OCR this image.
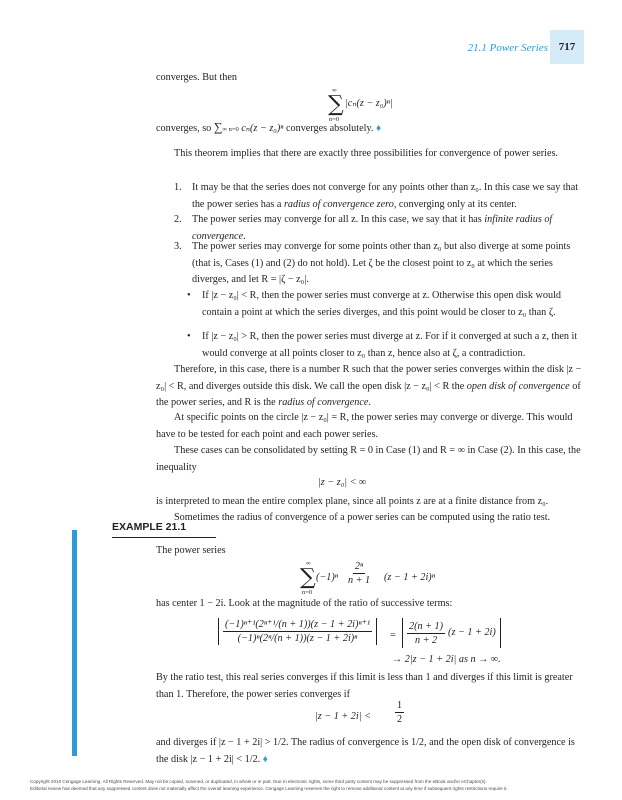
21.1 Power Series 717
converges. But then
∞
∑
n=0
|cₙ(z − z₀)ⁿ|
converges, so ∑∞ n=0 cₙ(z − z₀)ⁿ converges absolutely. ♦
This theorem implies that there are exactly three possibilities for convergence of power series.
1. It may be that the series does not converge for any points other than z₀. In this case we say that the power series has a radius of convergence zero, converging only at its center.
2. The power series may converge for all z. In this case, we say that it has infinite radius of convergence.
3. The power series may converge for some points other than z₀ but also diverge at some points (that is, Cases (1) and (2) do not hold). Let ζ be the closest point to z₀ at which the series diverges, and let R = |ζ − z₀|.
• If |z − z₀| < R, then the power series must converge at z. Otherwise this open disk would contain a point at which the series diverges, and this point would be closer to z₀ than ζ.
• If |z − z₀| > R, then the power series must diverge at z. For if it converged at such a z, then it would converge at all points closer to z₀ than z, hence also at ζ, a contradiction.
Therefore, in this case, there is a number R such that the power series converges within the disk |z − z₀| < R, and diverges outside this disk. We call the open disk |z − z₀| < R the open disk of convergence of the power series, and R is the radius of convergence.
At specific points on the circle |z − z₀| = R, the power series may converge or diverge. This would have to be tested for each point and each power series.
These cases can be consolidated by setting R = 0 in Case (1) and R = ∞ in Case (2). In this case, the inequality
|z − z₀| < ∞
is interpreted to mean the entire complex plane, since all points z are at a finite distance from z₀.
Sometimes the radius of convergence of a power series can be computed using the ratio test.
EXAMPLE 21.1
The power series
∞
∑
n=0
$(-1)^n \frac{\text{2ⁿ}}{n + 1} (z - 1 + 2i)^n$
has center 1 − 2i. Look at the magnitude of the ratio of successive terms:
$\frac{\text{(−1)ⁿ⁺¹(2ⁿ⁺¹/(n + 1))(z − 1 + 2i)ⁿ⁺¹}}{\text{(−1)ⁿ(2ⁿ/(n + 1))(z − 1 + 2i)ⁿ}} = \frac{2(n + 1)}{n + 2} (z - 1 + 2i)$
→ 2|z − 1 + 2i| as n → ∞.
By the ratio test, this real series converges if this limit is less than 1 and diverges if this limit is greater than 1. Therefore, the power series converges if
$|z - 1 + 2i| < \frac{1}{2}$
and diverges if |z − 1 + 2i| > 1/2. The radius of convergence is 1/2, and the open disk of convergence is the disk |z − 1 + 2i| < 1/2. ♦
Copyright 2010 Cengage Learning. All Rights Reserved. May not be copied, scanned, or duplicated, in whole or in part. Due to electronic rights, some third party content may be suppressed from the eBook and/or eChapter(s).
Editorial review has deemed that any suppressed content does not materially affect the overall learning experience. Cengage Learning reserves the right to remove additional content at any time if subsequent rights restrictions require it.
